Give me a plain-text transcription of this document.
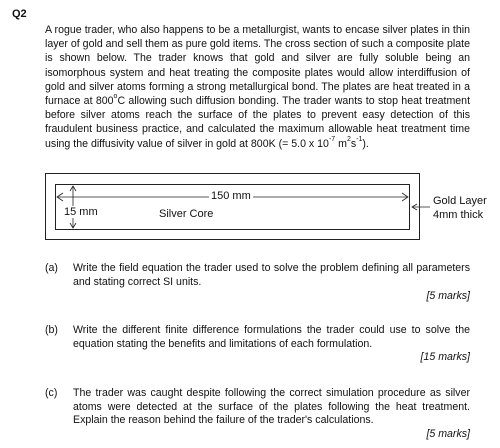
Q2
A rogue trader, who also happens to be a metallurgist, wants to encase silver plates in thin layer of gold and sell them as pure gold items. The cross section of such a composite plate is shown below. The trader knows that gold and silver are fully soluble being an isomorphous system and heat treating the composite plates would allow interdiffusion of gold and silver atoms forming a strong metallurgical bond. The plates are heat treated in a furnace at 800$^o$C allowing such diffusion bonding. The trader wants to stop heat treatment before silver atoms reach the surface of the plates to prevent easy detection of this fraudulent business practice, and calculated the maximum allowable heat treatment time using the diffusivity value of silver in gold at 800K (= 5.0 x $10^{-7}$ $m^2s^{-1}$).
150 mm
15 mm	Silver Core
Gold Layer
4mm thick
(a) Write the field equation the trader used to solve the problem defining all parameters and stating correct SI units.
[5 marks]
(b) Write the different finite difference formulations the trader could use to solve the equation stating the benefits and limitations of each formulation.
[15 marks]
(c) The trader was caught despite following the correct simulation procedure as silver atoms were detected at the surface of the plates following the heat treatment. Explain the reason behind the failure of the trader's calculations.
[5 marks]
